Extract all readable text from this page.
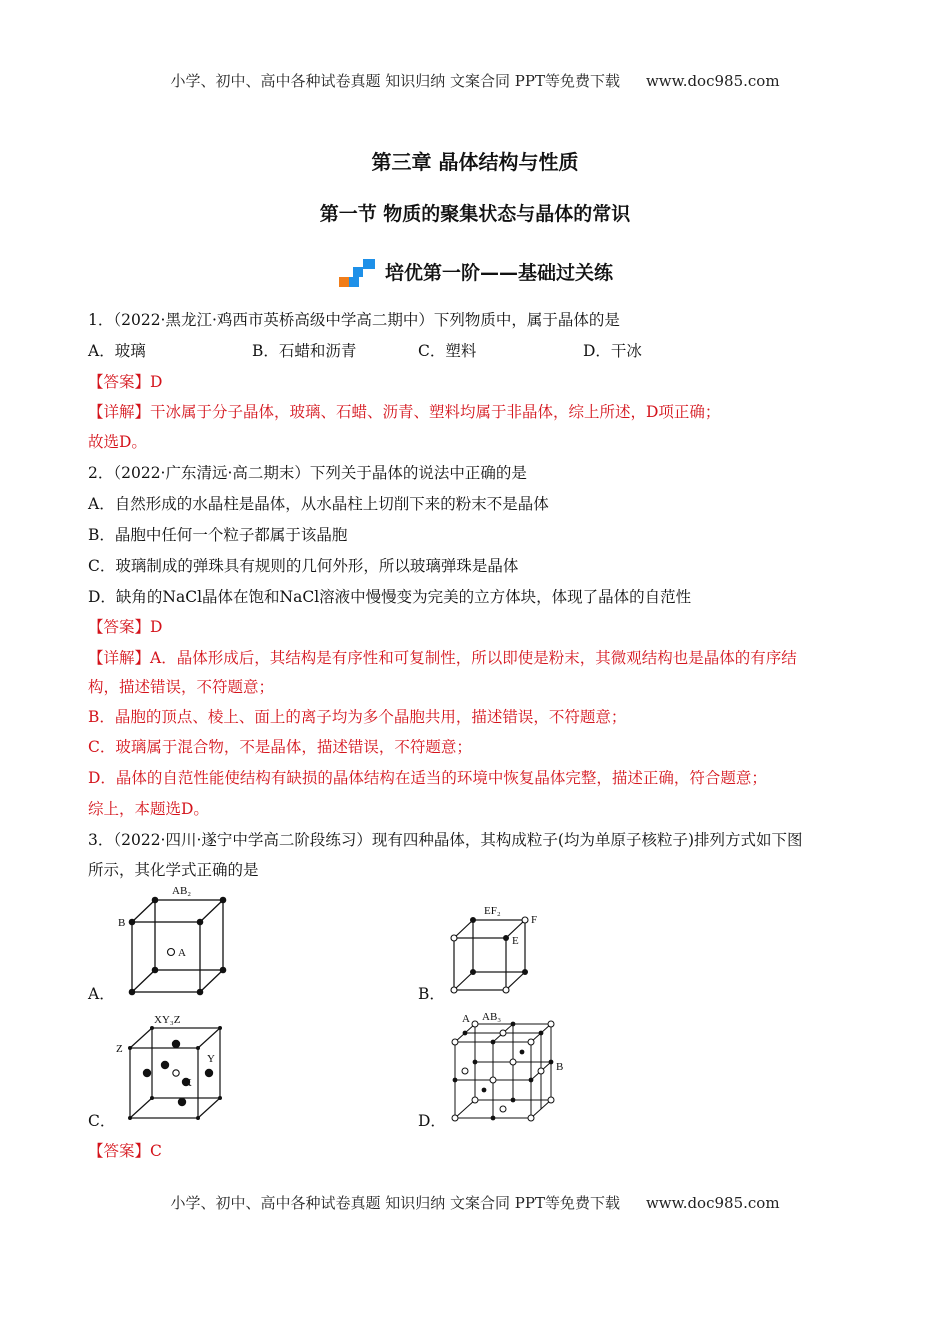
小学、初中、高中各种试卷真题 知识归纳 文案合同 PPT等免费下载 www.doc985.com
第三章 晶体结构与性质
第一节 物质的聚集状态与晶体的常识
培优第一阶——基础过关练
1．（2022·黑龙江·鸡西市英桥高级中学高二期中）下列物质中，属于晶体的是
A．玻璃	B．石蜡和沥青	C．塑料	D．干冰
【答案】D
【详解】干冰属于分子晶体，玻璃、石蜡、沥青、塑料均属于非晶体，综上所述，D项正确；
故选D。
2．（2022·广东清远·高二期末）下列关于晶体的说法中正确的是
A．自然形成的水晶柱是晶体，从水晶柱上切削下来的粉末不是晶体
B．晶胞中任何一个粒子都属于该晶胞
C．玻璃制成的弹珠具有规则的几何外形，所以玻璃弹珠是晶体
D．缺角的NaCl晶体在饱和NaCl溶液中慢慢变为完美的立方体块，体现了晶体的自范性
【答案】D
【详解】A．晶体形成后，其结构是有序性和可复制性，所以即使是粉末，其微观结构也是晶体的有序结
构，描述错误，不符题意；
B．晶胞的顶点、棱上、面上的离子均为多个晶胞共用，描述错误，不符题意；
C．玻璃属于混合物，不是晶体，描述错误，不符题意；
D．晶体的自范性能使结构有缺损的晶体结构在适当的环境中恢复晶体完整，描述正确，符合题意；
综上，本题选D。
3．（2022·四川·遂宁中学高二阶段练习）现有四种晶体，其构成粒子(均为单原子核粒子)排列方式如下图
所示，其化学式正确的是
A．	B．
C．	D．
AB₂
B
A
EF₂
F
E
XY₃Z
Z
Y
X
A AB₃
B
【答案】C
小学、初中、高中各种试卷真题 知识归纳 文案合同 PPT等免费下载 www.doc985.com
